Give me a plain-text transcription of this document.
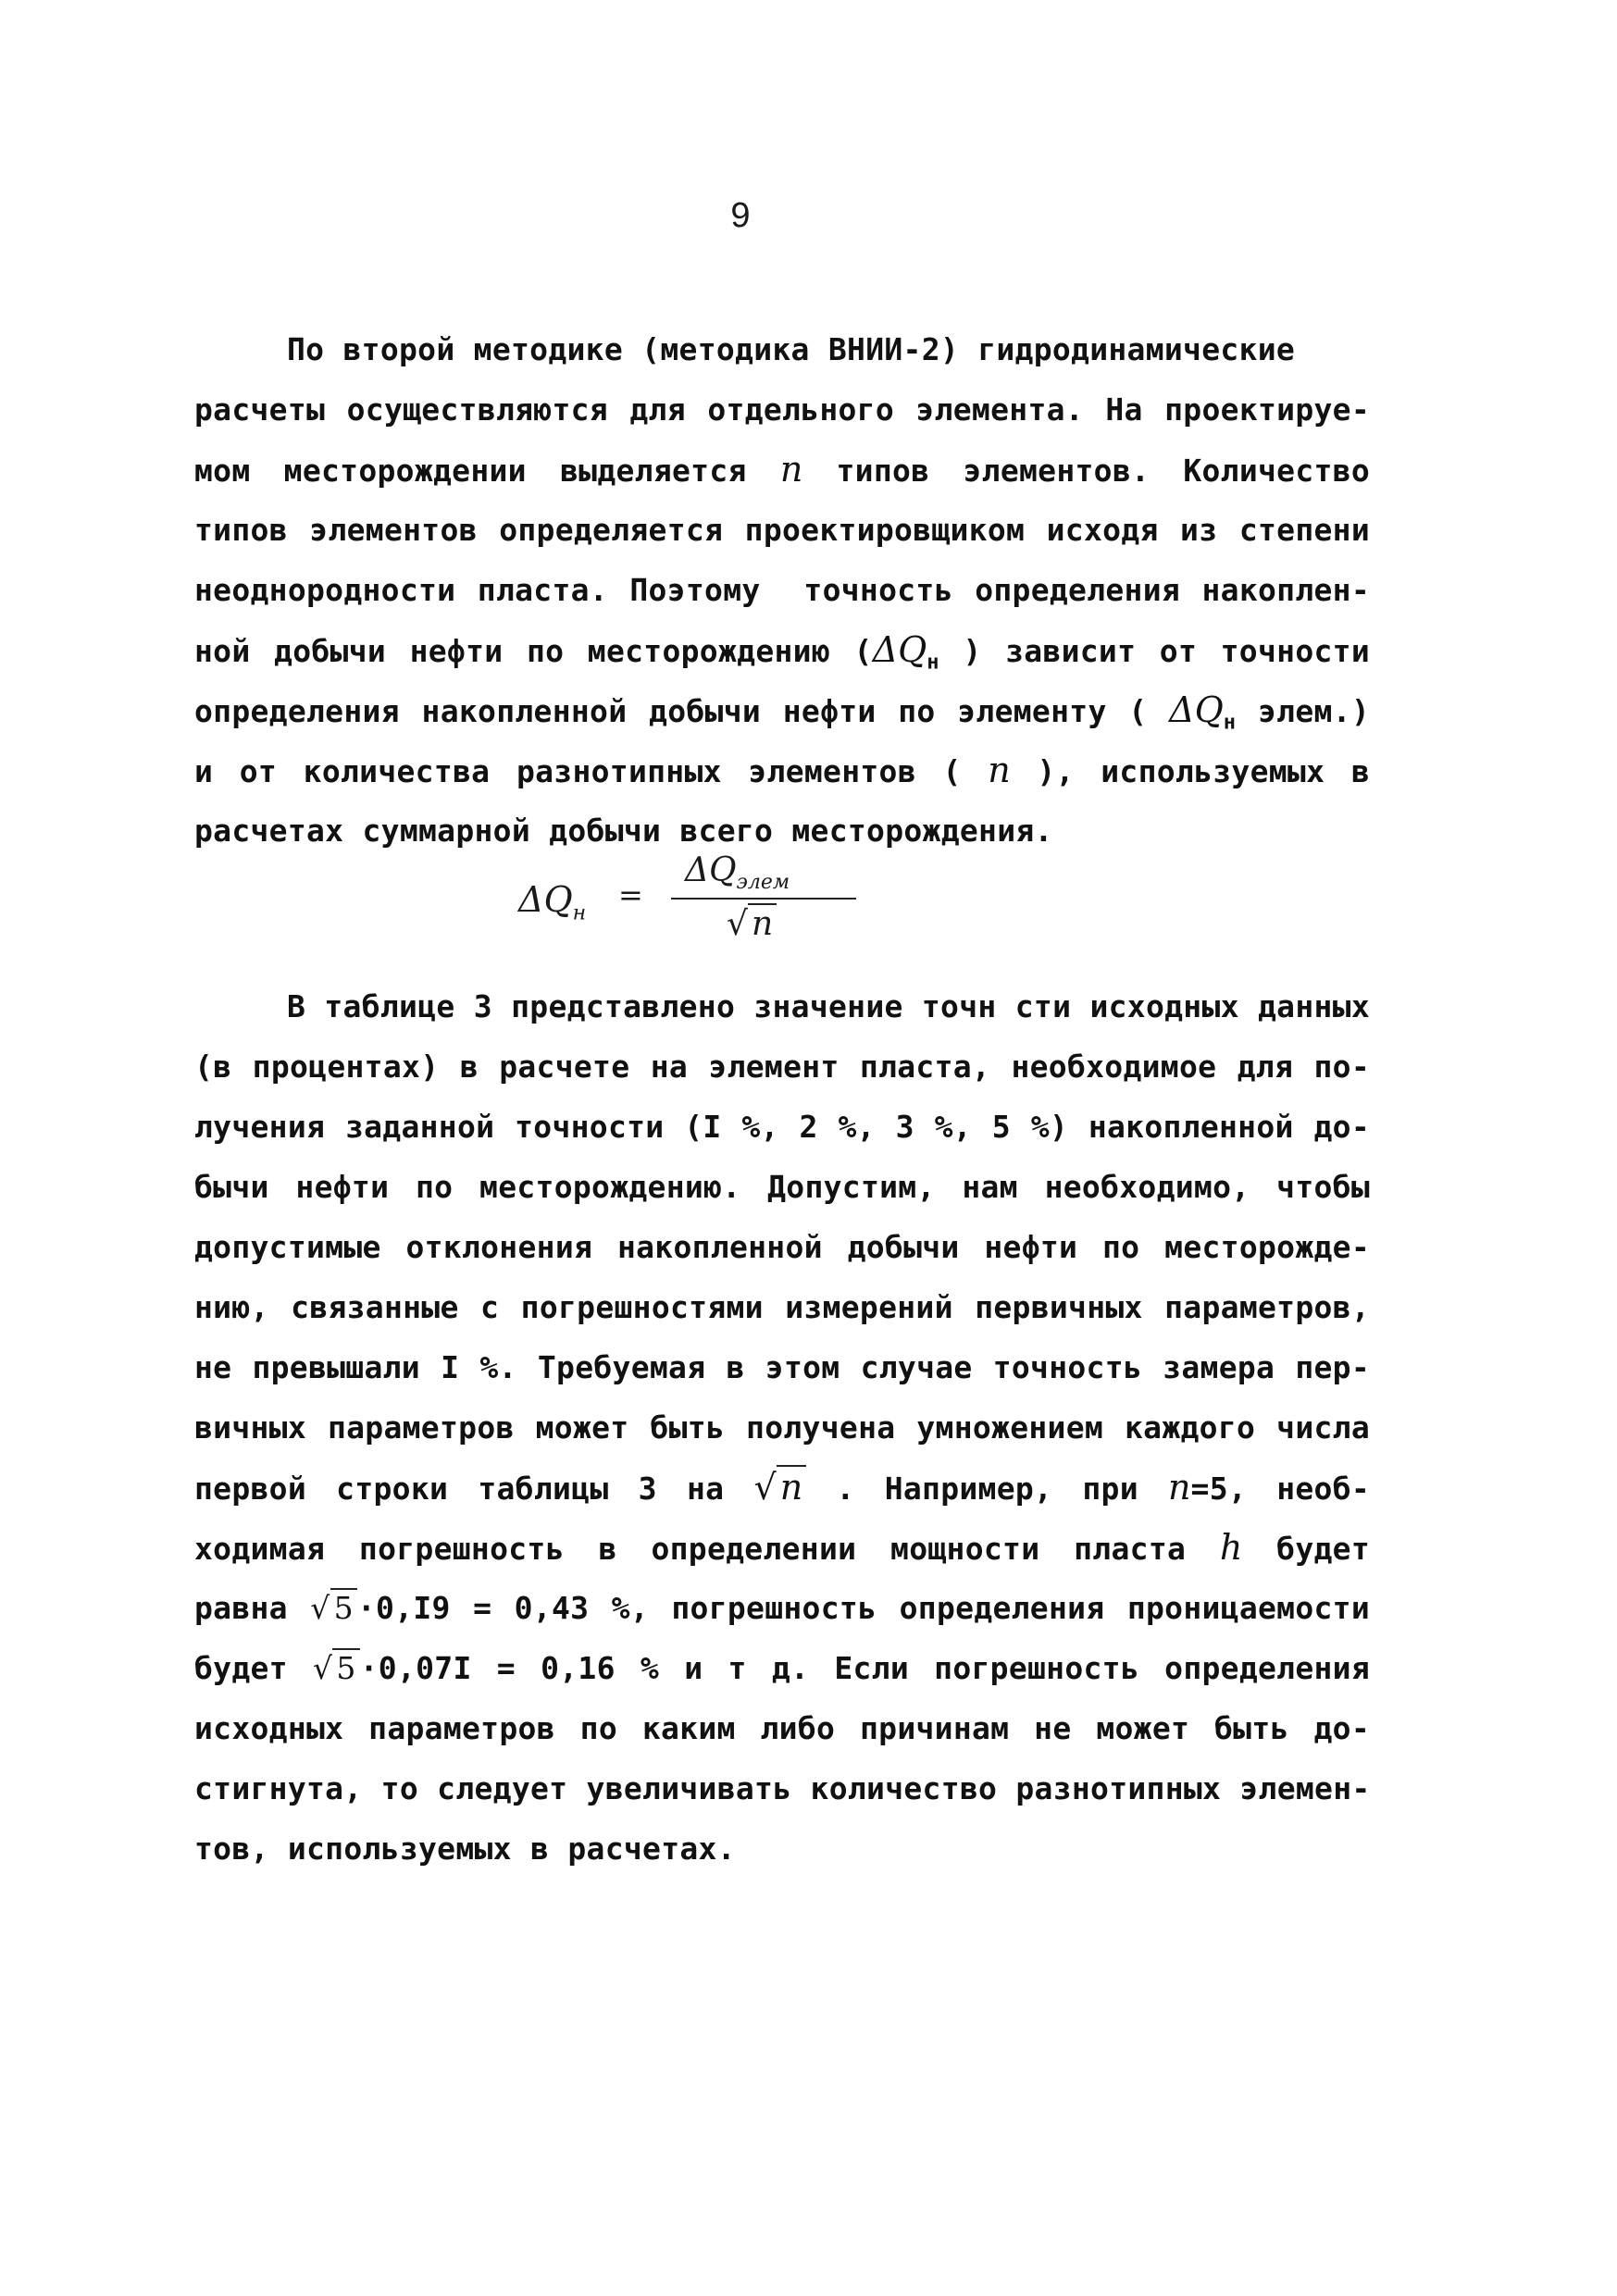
9
По второй методике (методика ВНИИ-2) гидродинамические
расчеты осуществляются для отдельного элемента. На проектируе-
мом месторождении выделяется n типов элементов. Количество
типов элементов определяется проектировщиком исходя из степени
неоднородности пласта. Поэтому  точность определения накоплен-
ной добычи нефти по месторождению ($\Delta Q_н$ ) зависит от точности
определения накопленной добычи нефти по элементу ( $\Delta Q_н$ элем.)
и от количества разнотипных элементов ( n ), используемых в
расчетах суммарной добычи всего месторождения.
$\Delta Q_н$
=
$\Delta Q_{элем}$
√ n
В таблице 3 представлено значение точн сти исходных данных
(в процентах) в расчете на элемент пласта, необходимое для по-
лучения заданной точности (I %, 2 %, 3 %, 5 %) накопленной до-
бычи нефти по месторождению. Допустим, нам необходимо, чтобы
допустимые отклонения накопленной добычи нефти по месторожде-
нию, связанные с погрешностями измерений первичных параметров,
не превышали I %. Требуемая в этом случае точность замера пер-
вичных параметров может быть получена умножением каждого числа
первой строки таблицы 3 на √ n . Например, при n=5, необ-
ходимая погрешность в определении мощности пласта h будет
равна √ 5 ·0,I9 = 0,43 %, погрешность определения проницаемости
будет √ 5 ·0,07I = 0,16 % и т д. Если погрешность определения
исходных параметров по каким либо причинам не может быть до-
стигнута, то следует увеличивать количество разнотипных элемен-
тов, используемых в расчетах.
